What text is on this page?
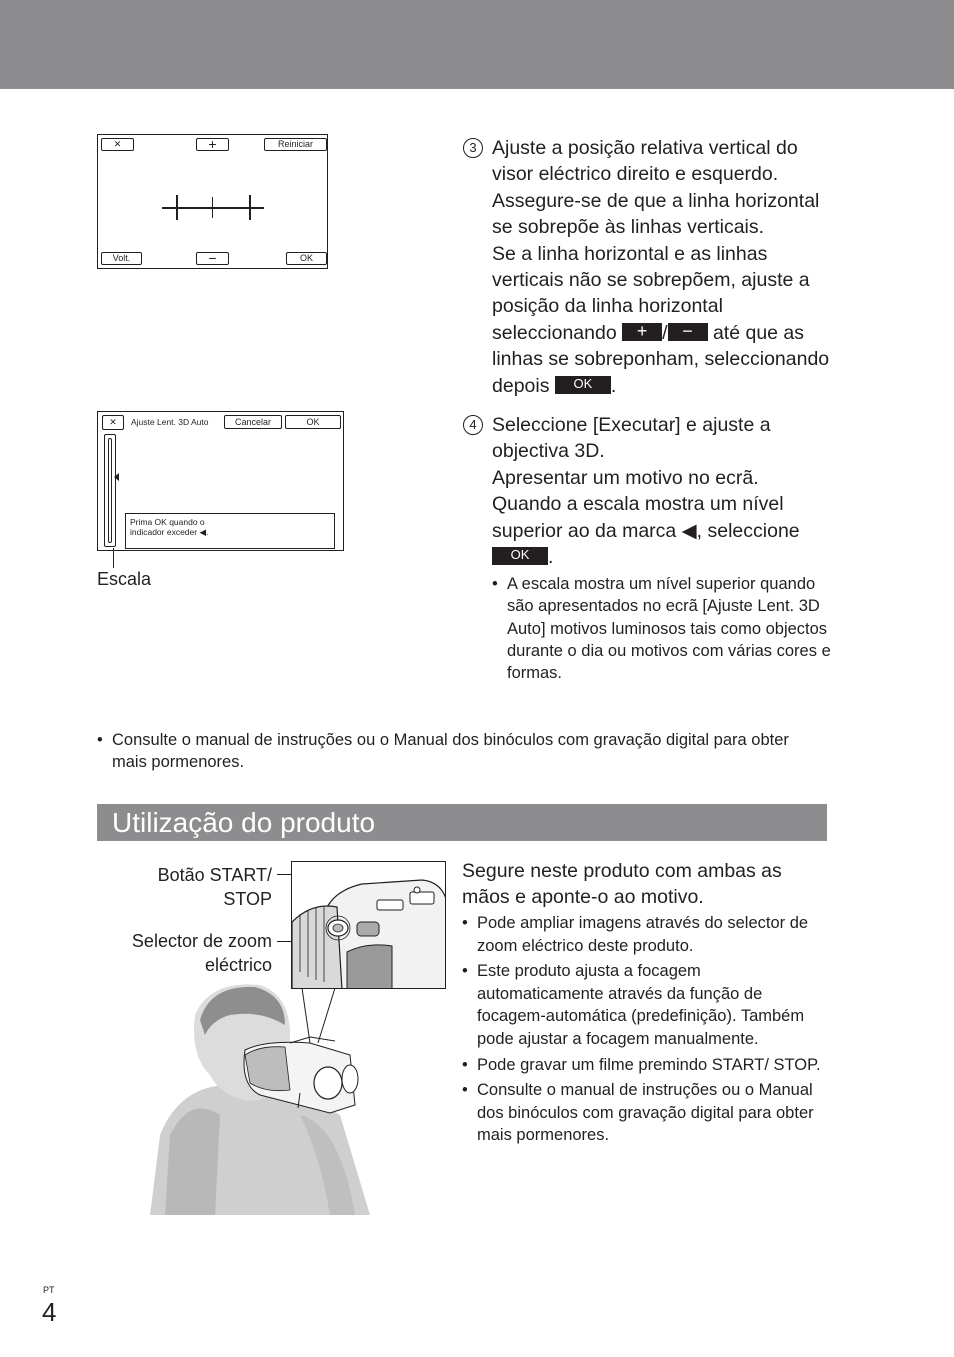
✕	+	Reiniciar
Volt.	−	OK
✕	Ajuste Lent. 3D Auto	Cancelar	OK
Prima OK quando o
indicador exceder ◀.
Escala
3 Ajuste a posição relativa vertical do visor eléctrico direito e esquerdo.
Assegure-se de que a linha horizontal se sobrepõe às linhas verticais.
Se a linha horizontal e as linhas verticais não se sobrepõem, ajuste a posição da linha horizontal seleccionando + / − até que as linhas se sobreponham, seleccionando depois OK .
4 Seleccione [Executar] e ajuste a objectiva 3D.
Apresentar um motivo no ecrã.
Quando a escala mostra um nível superior ao da marca ◀, seleccione OK .
• A escala mostra um nível superior quando são apresentados no ecrã [Ajuste Lent. 3D Auto] motivos luminosos tais como objectos durante o dia ou motivos com várias cores e formas.
• Consulte o manual de instruções ou o Manual dos binóculos com gravação digital para obter mais pormenores.
Utilização do produto
Botão START/
STOP
Selector de zoom
eléctrico
Segure neste produto com ambas as mãos e aponte-o ao motivo.
• Pode ampliar imagens através do selector de zoom eléctrico deste produto.
• Este produto ajusta a focagem automaticamente através da função de focagem-automática (predefinição). Também pode ajustar a focagem manualmente.
• Pode gravar um filme premindo START/ STOP.
• Consulte o manual de instruções ou o Manual dos binóculos com gravação digital para obter mais pormenores.
PT
4
